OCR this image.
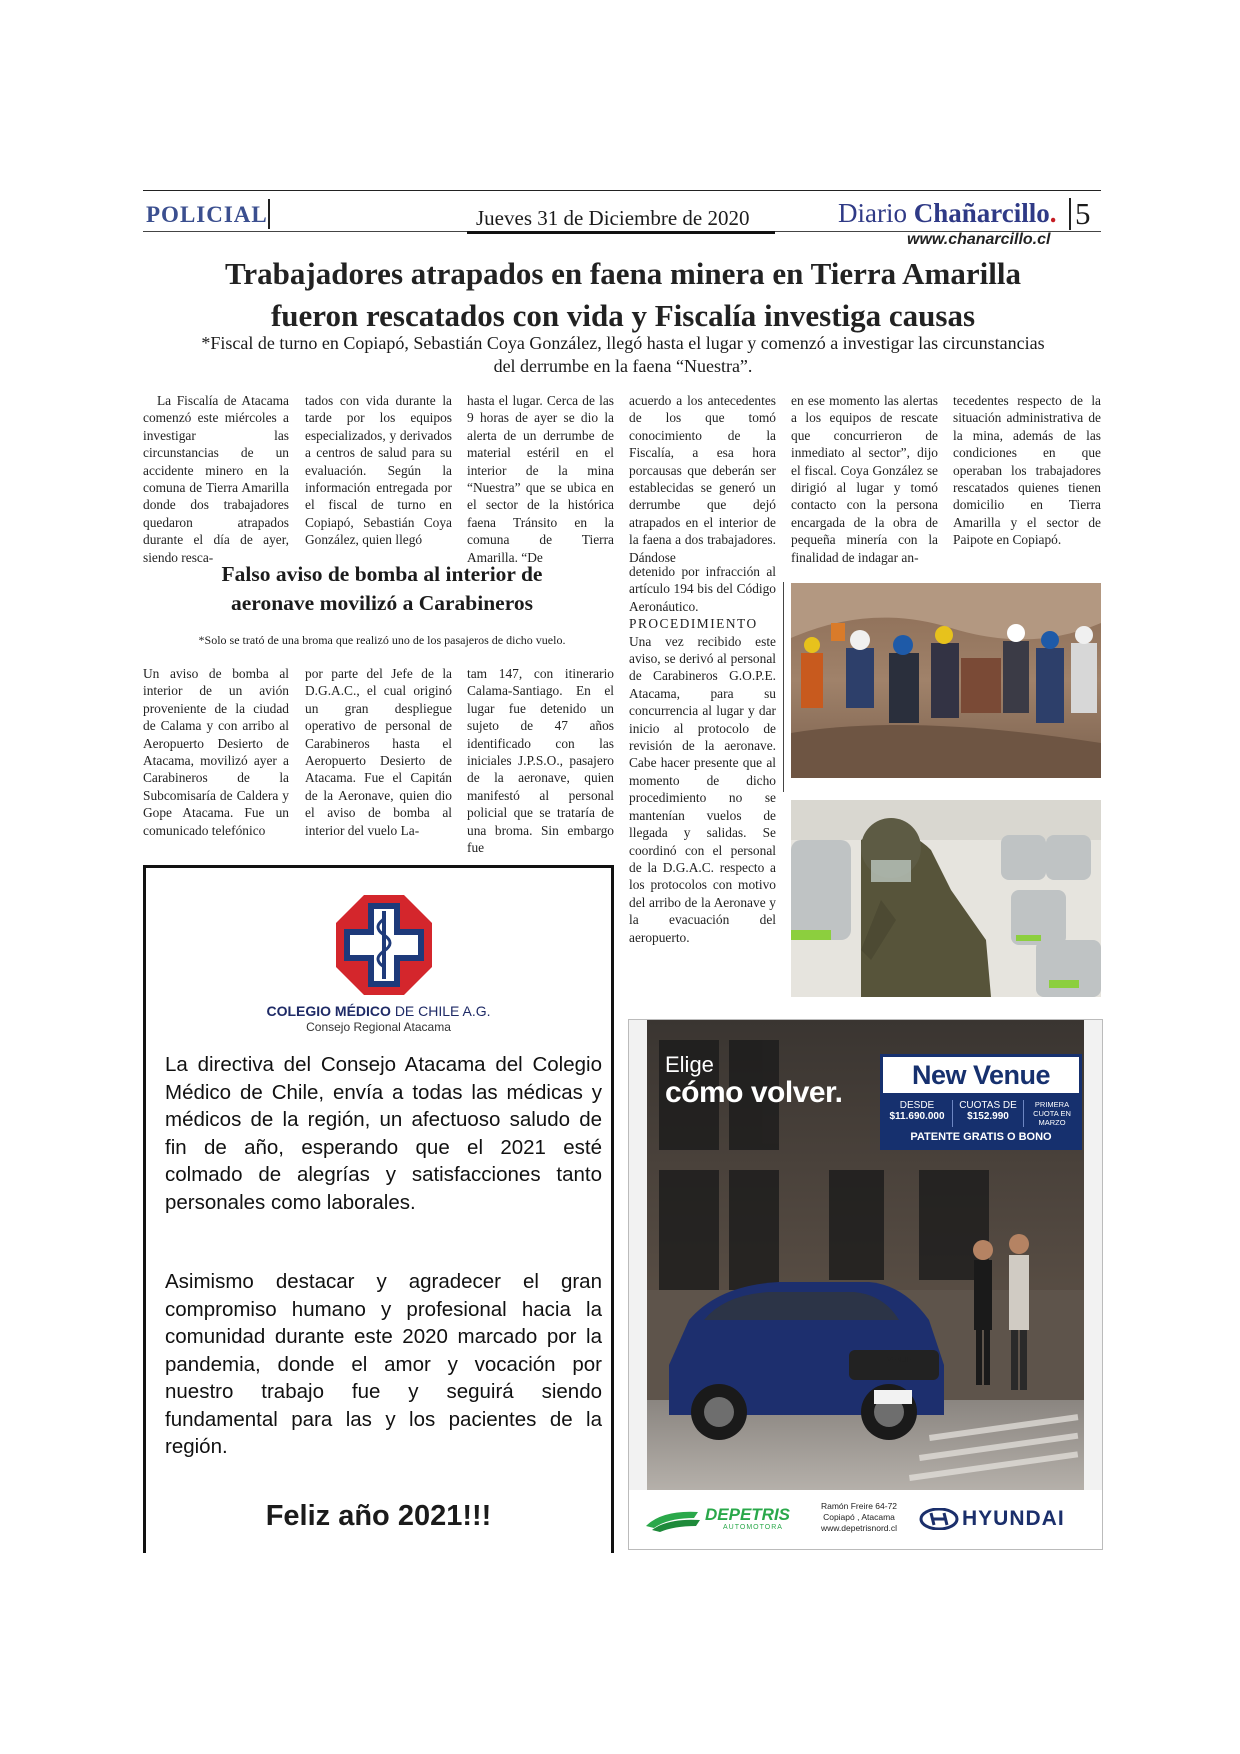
POLICIAL	Jueves 31 de Diciembre de 2020	Diario Chañarcillo. 5
www.chanarcillo.cl
Trabajadores atrapados en faena minera en Tierra Amarilla
fueron rescatados con vida y Fiscalía investiga causas
*Fiscal de turno en Copiapó, Sebastián Coya González, llegó hasta el lugar y comenzó a investigar las circunstancias
del derrumbe en la faena “Nuestra”.

La Fiscalía de Atacama comenzó este miércoles a investigar las circunstancias de un accidente minero en la comuna de Tierra Amarilla donde dos trabajadores quedaron atrapados durante el día de ayer, siendo resca-

tados con vida durante la tarde por los equipos especializados, y derivados a centros de salud para su evaluación. Según la información entregada por el fiscal de turno en Copiapó, Sebastián Coya González, quien llegó

hasta el lugar. Cerca de las 9 horas de ayer se dio la alerta de un derrumbe de material estéril en el interior de la mina “Nuestra” que se ubica en el sector de la histórica faena Tránsito en la comuna de Tierra Amarilla. “De

acuerdo a los antecedentes de los que tomó conocimiento de la Fiscalía, a esa hora porcausas que deberán ser establecidas se generó un derrumbe que dejó atrapados en el interior de la faena a dos trabajadores. Dándose

en ese momento las alertas a los equipos de rescate que concurrieron de inmediato al sector”, dijo el fiscal. Coya González se dirigió al lugar y tomó contacto con la persona encargada de la obra de pequeña minería con la finalidad de indagar an-

tecedentes respecto de la situación administrativa de la mina, además de las condiciones en que operaban los trabajadores rescatados quienes tienen domicilio en Tierra Amarilla y el sector de Paipote en Copiapó.

Falso aviso de bomba al interior de
aeronave movilizó a Carabineros
*Solo se trató de una broma que realizó uno de los pasajeros de dicho vuelo.

Un aviso de bomba al interior de un avión proveniente de la ciudad de Calama y con arribo al Aeropuerto Desierto de Atacama, movilizó ayer a Carabineros de la Subcomisaría de Caldera y Gope Atacama. Fue un comunicado telefónico

por parte del Jefe de la D.G.A.C., el cual originó un gran despliegue operativo de personal de Carabineros hasta el Aeropuerto Desierto de Atacama. Fue el Capitán de la Aeronave, quien dio el aviso de bomba al interior del vuelo La-

tam 147, con itinerario Calama-Santiago. En el lugar fue detenido un sujeto de 47 años identificado con las iniciales J.P.S.O., pasajero de la aeronave, quien manifestó al personal policial que se trataría de una broma. Sin embargo fue

detenido por infracción al artículo 194 bis del Código Aeronáutico.

PROCEDIMIENTO

Una vez recibido este aviso, se derivó al personal de Carabineros G.O.P.E. Atacama, para su concurrencia al lugar y dar inicio al protocolo de revisión de la aeronave. Cabe hacer presente que al momento de dicho procedimiento no se mantenían vuelos de llegada y salidas. Se coordinó con el personal de la D.G.A.C. respecto a los protocolos con motivo del arribo de la Aeronave y la evacuación del aeropuerto.

COLEGIO MÉDICO DE CHILE A.G.
Consejo Regional Atacama
La directiva del Consejo Atacama del Colegio Médico de Chile, envía a todas las médicas y médicos de la región, un afectuoso saludo de fin de año, esperando que el 2021 esté colmado de alegrías y satisfacciones tanto personales como laborales.
Asimismo destacar y agradecer el gran compromiso humano y profesional hacia la comunidad durante este 2020 marcado por la pandemia, donde el amor y vocación por nuestro trabajo fue y seguirá siendo fundamental para las y los pacientes de la región.
Feliz año 2021!!!
Elige
cómo volver.
New Venue
DESDE
$11.690.000
CUOTAS DE
$152.990
PRIMERA CUOTA EN MARZO
PATENTE GRATIS O BONO
VENUE
DEPETRIS
AUTOMOTORA
Ramón Freire 64-72
Copiapó , Atacama
www.depetrisnord.cl	HYUNDAI
